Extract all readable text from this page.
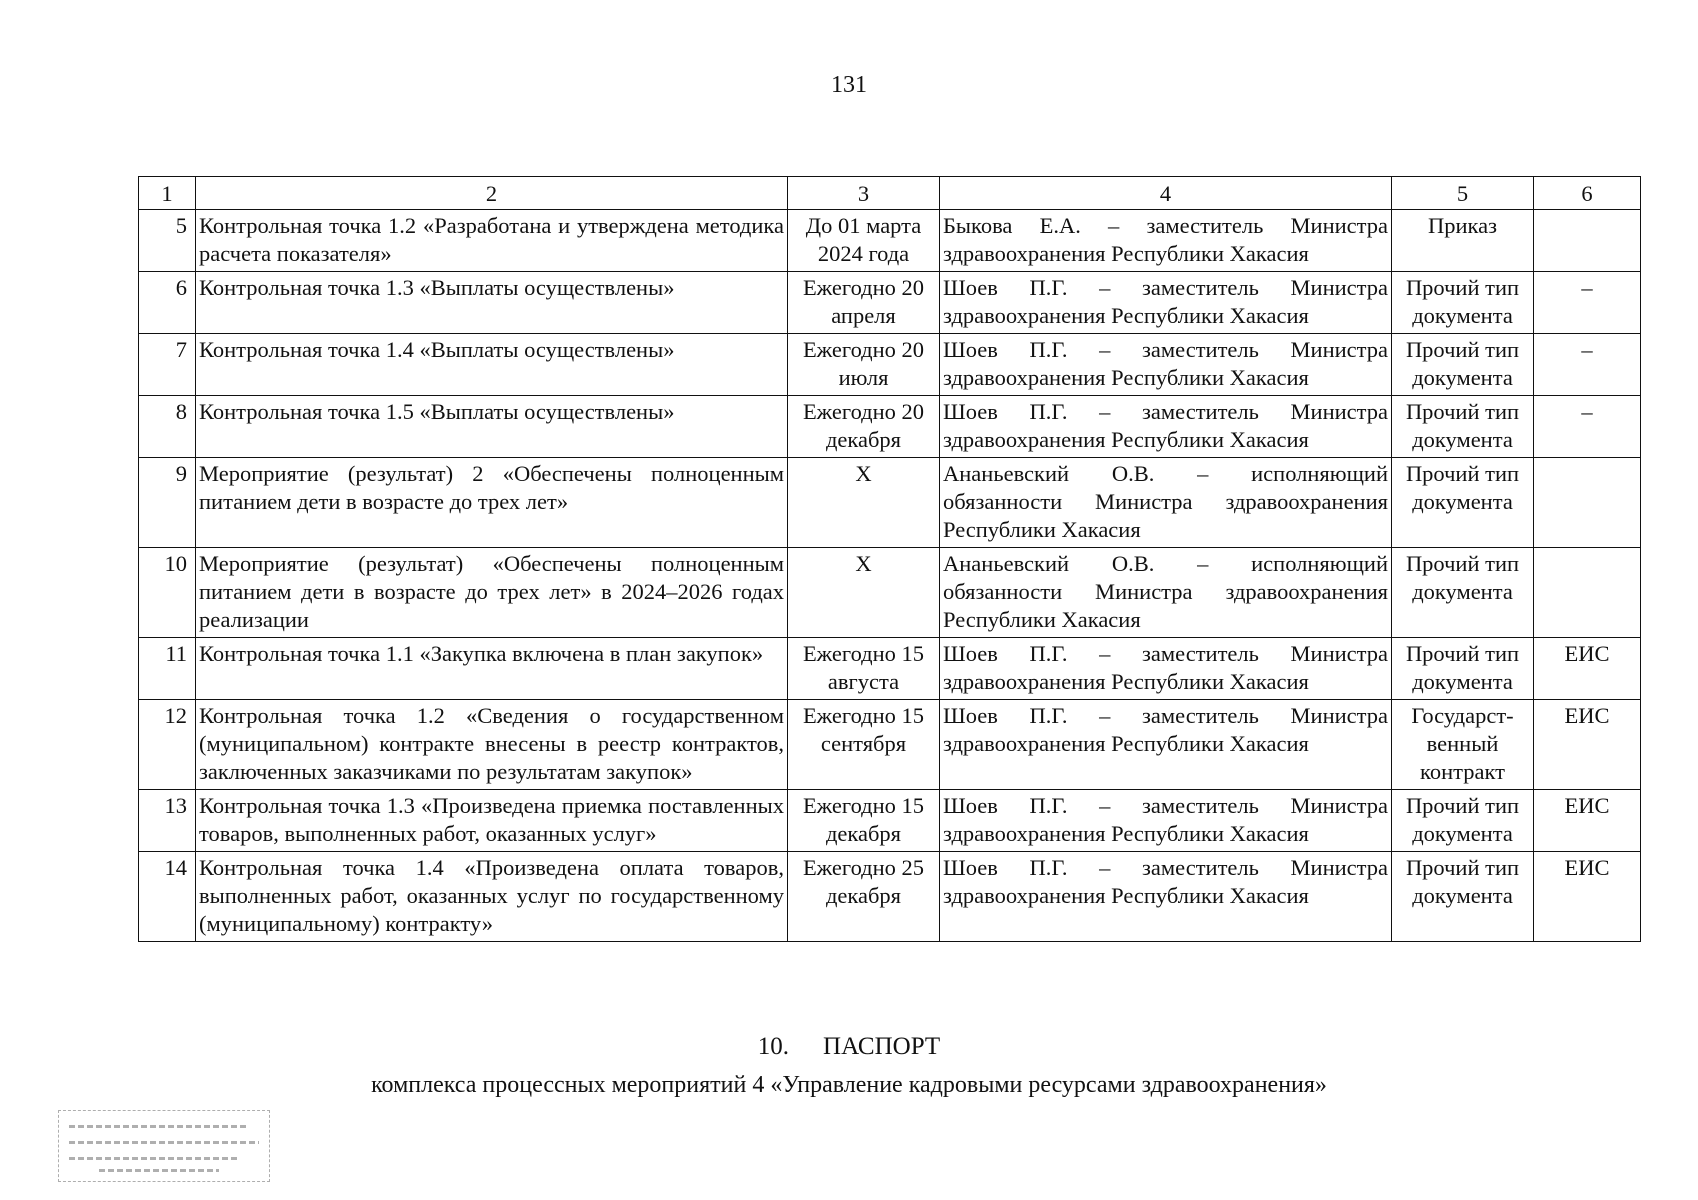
131
1	2	3	4	5	6
5	Контрольная точка 1.2 «Разработана и утверждена методика расчета показателя»	До 01 марта 2024 года	Быкова Е.А. – заместитель Министра здравоохранения Республики Хакасия	Приказ	
6	Контрольная точка 1.3 «Выплаты осуществлены»	Ежегодно 20 апреля	Шоев П.Г. – заместитель Министра здравоохранения Республики Хакасия	Прочий тип документа	–
7	Контрольная точка 1.4 «Выплаты осуществлены»	Ежегодно 20 июля	Шоев П.Г. – заместитель Министра здравоохранения Республики Хакасия	Прочий тип документа	–
8	Контрольная точка 1.5 «Выплаты осуществлены»	Ежегодно 20 декабря	Шоев П.Г. – заместитель Министра здравоохранения Республики Хакасия	Прочий тип документа	–
9	Мероприятие (результат) 2 «Обеспечены полноценным питанием дети в возрасте до трех лет»	Х	Ананьевский О.В. – исполняющий обязанности Министра здравоохранения Республики Хакасия	Прочий тип документа	
10	Мероприятие (результат) «Обеспечены полноценным питанием дети в возрасте до трех лет» в 2024–2026 годах реализации	Х	Ананьевский О.В. – исполняющий обязанности Министра здравоохранения Республики Хакасия	Прочий тип документа	
11	Контрольная точка 1.1 «Закупка включена в план закупок»	Ежегодно 15 августа	Шоев П.Г. – заместитель Министра здравоохранения Республики Хакасия	Прочий тип документа	ЕИС
12	Контрольная точка 1.2 «Сведения о государственном (муниципальном) контракте внесены в реестр контрактов, заключенных заказчиками по результатам закупок»	Ежегодно 15 сентября	Шоев П.Г. – заместитель Министра здравоохранения Республики Хакасия	Государст-венный контракт	ЕИС
13	Контрольная точка 1.3 «Произведена приемка поставленных товаров, выполненных работ, оказанных услуг»	Ежегодно 15 декабря	Шоев П.Г. – заместитель Министра здравоохранения Республики Хакасия	Прочий тип документа	ЕИС
14	Контрольная точка 1.4 «Произведена оплата товаров, выполненных работ, оказанных услуг по государственному (муниципальному) контракту»	Ежегодно 25 декабря	Шоев П.Г. – заместитель Министра здравоохранения Республики Хакасия	Прочий тип документа	ЕИС
10. ПАСПОРТ
комплекса процессных мероприятий 4 «Управление кадровыми ресурсами здравоохранения»
